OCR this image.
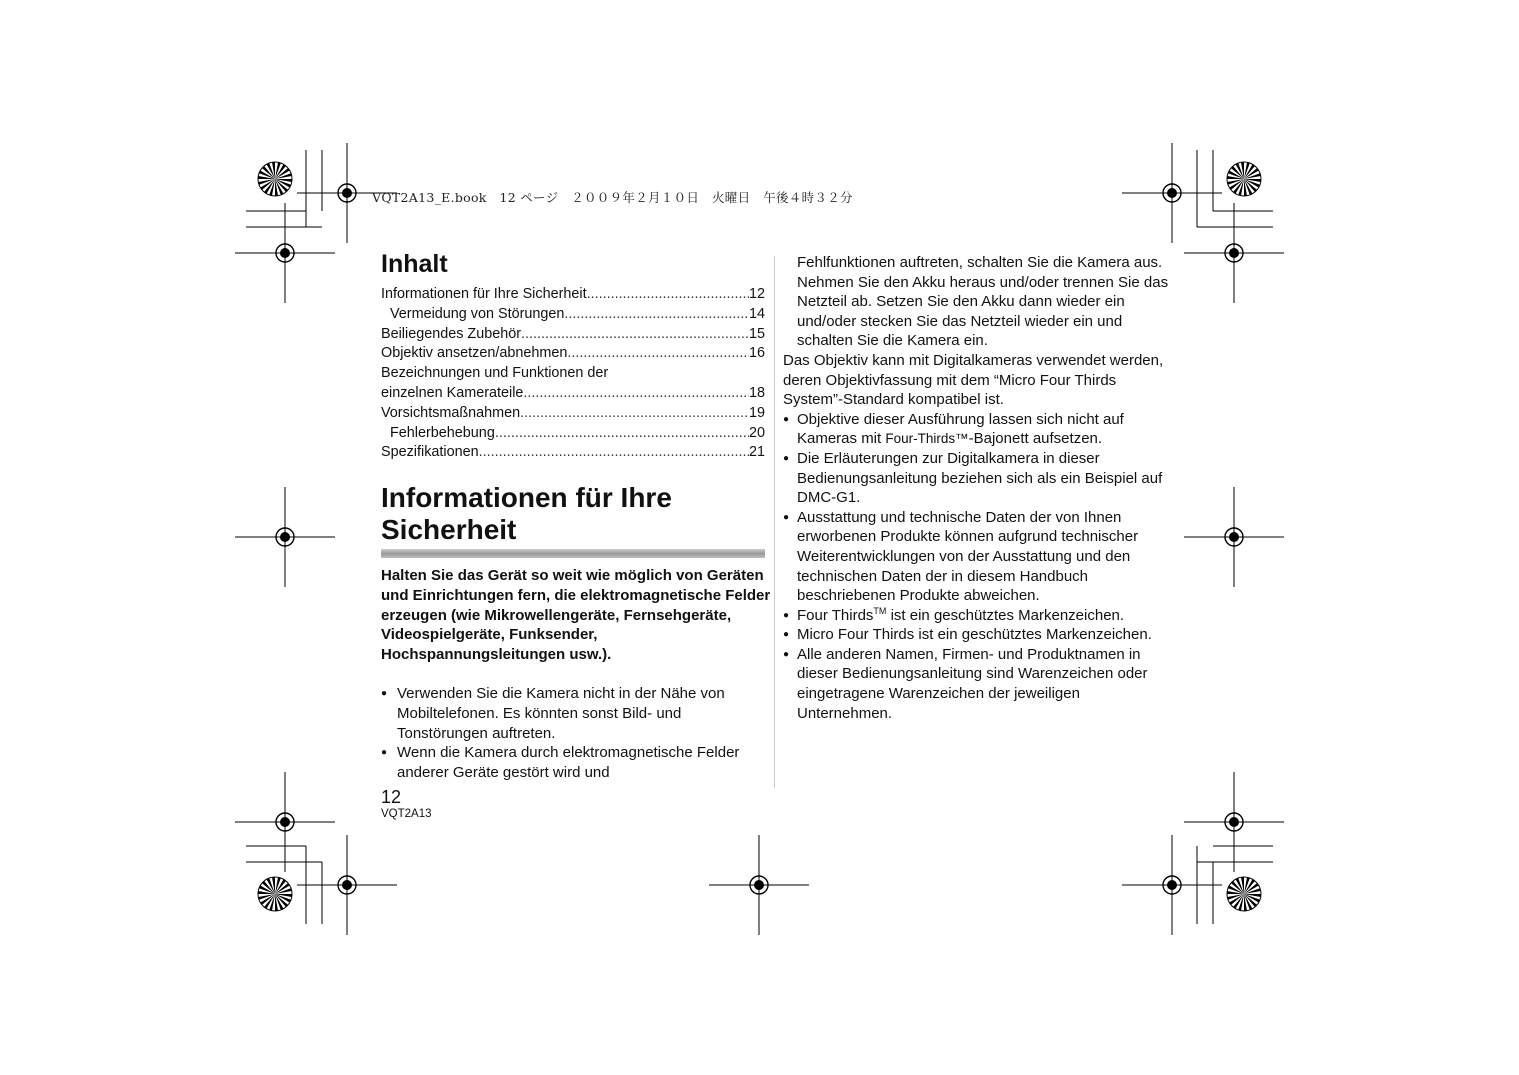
VQT2A13_E.book　12 ページ　２００９年２月１０日　火曜日　午後４時３２分
Inhalt
Informationen für Ihre Sicherheit .....	12
Vermeidung von Störungen .....	14
Beiliegendes Zubehör .....	15
Objektiv ansetzen/abnehmen .....	16
Bezeichnungen und Funktionen der
einzelnen Kamerateile .....	18
Vorsichtsmaßnahmen .....	19
Fehlerbehebung .....	20
Spezifikationen .....	21
Informationen für Ihre Sicherheit

Halten Sie das Gerät so weit wie möglich von Geräten und Einrichtungen fern, die elektromagnetische Felder erzeugen (wie Mikrowellengeräte, Fernsehgeräte, Videospielgeräte, Funksender, Hochspannungsleitungen usw.).

● Verwenden Sie die Kamera nicht in der Nähe von Mobiltelefonen. Es könnten sonst Bild- und Tonstörungen auftreten.
● Wenn die Kamera durch elektromagnetische Felder anderer Geräte gestört wird und
12
VQT2A13

Fehlfunktionen auftreten, schalten Sie die Kamera aus. Nehmen Sie den Akku heraus und/oder trennen Sie das Netzteil ab. Setzen Sie den Akku dann wieder ein und/oder stecken Sie das Netzteil wieder ein und schalten Sie die Kamera ein.

Das Objektiv kann mit Digitalkameras verwendet werden, deren Objektivfassung mit dem “Micro Four Thirds System”-Standard kompatibel ist.

● Objektive dieser Ausführung lassen sich nicht auf Kameras mit Four-Thirds™-Bajonett aufsetzen.
● Die Erläuterungen zur Digitalkamera in dieser Bedienungsanleitung beziehen sich als ein Beispiel auf DMC-G1.
● Ausstattung und technische Daten der von Ihnen erworbenen Produkte können aufgrund technischer Weiterentwicklungen von der Ausstattung und den technischen Daten der in diesem Handbuch beschriebenen Produkte abweichen.
● Four Thirds™ ist ein geschütztes Markenzeichen.
● Micro Four Thirds ist ein geschütztes Markenzeichen.
● Alle anderen Namen, Firmen- und Produktnamen in dieser Bedienungsanleitung sind Warenzeichen oder eingetragene Warenzeichen der jeweiligen Unternehmen.
